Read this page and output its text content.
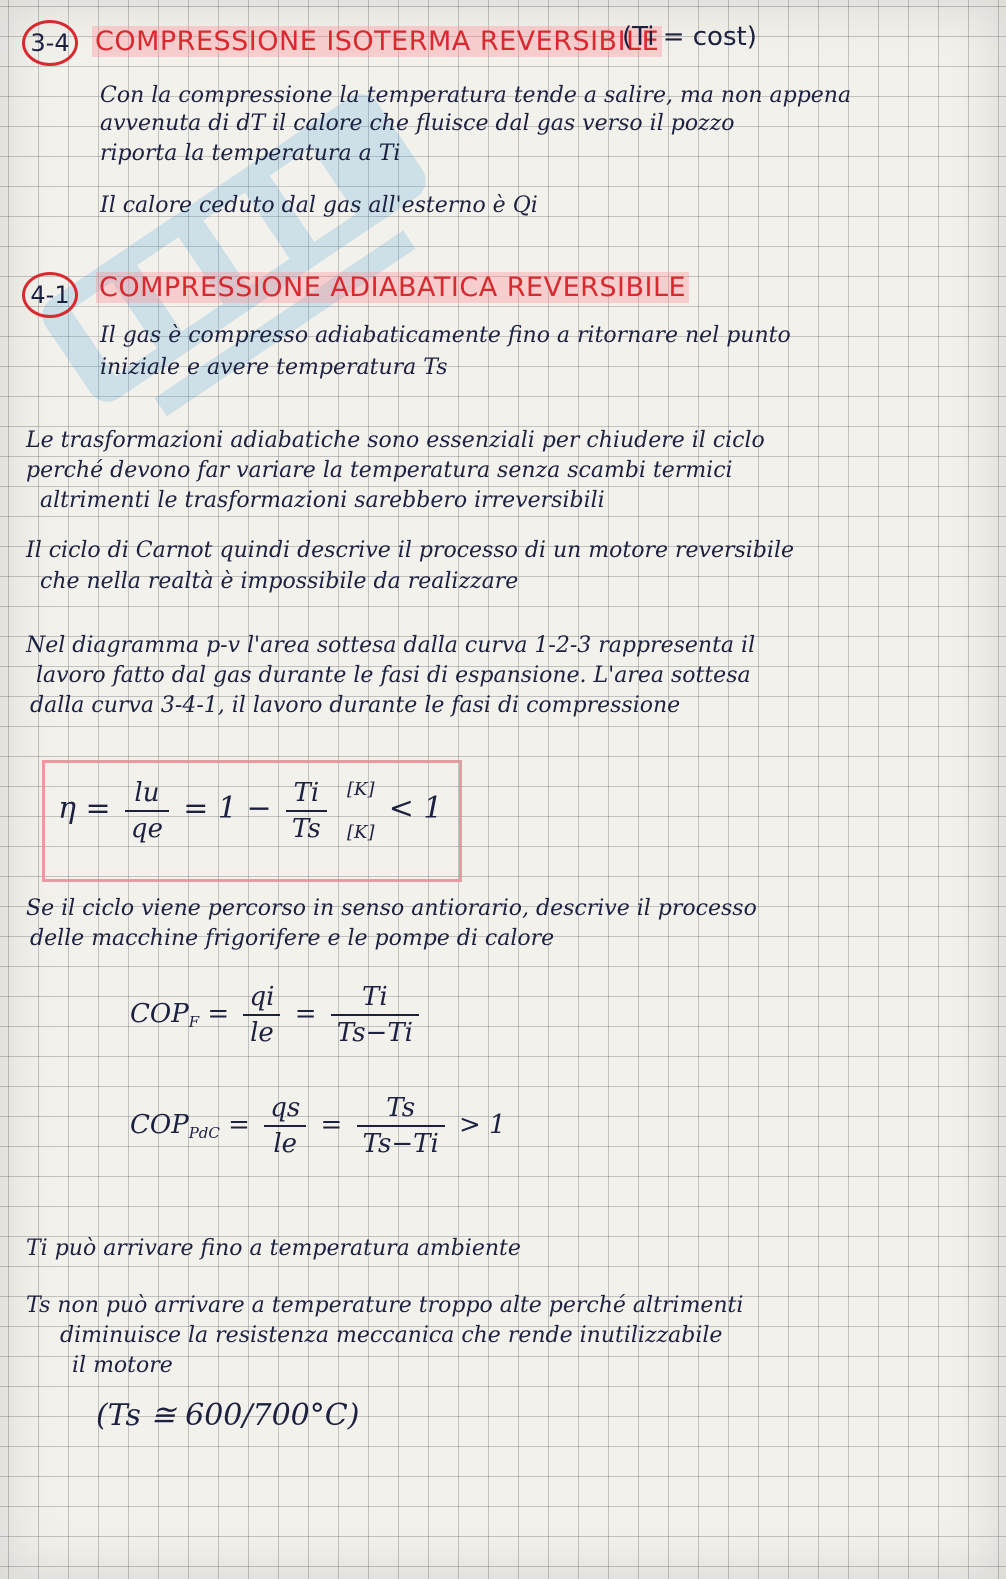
3-4 COMPRESSIONE ISOTERMA REVERSIBILE
(Ti = cost)
Con la compressione la temperatura tende a salire, ma non appena
avvenuta di dT il calore che fluisce dal gas verso il pozzo
riporta la temperatura a Ti
Il calore ceduto dal gas all'esterno è Qi
4-1	COMPRESSIONE ADIABATICA REVERSIBILE
Il gas è compresso adiabaticamente fino a ritornare nel punto
iniziale e avere temperatura Ts
Le trasformazioni adiabatiche sono essenziali per chiudere il ciclo
perché devono far variare la temperatura senza scambi termici
altrimenti le trasformazioni sarebbero irreversibili
Il ciclo di Carnot quindi descrive il processo di un motore reversibile
che nella realtà è impossibile da realizzare
Nel diagramma p-v l'area sottesa dalla curva 1-2-3 rappresenta il
lavoro fatto dal gas durante le fasi di espansione. L'area sottesa
dalla curva 3-4-1, il lavoro durante le fasi di compressione
$\eta = \frac{lu}{qe} = 1 - \frac{Ti}{Ts}$
[K]
[K]
< 1
Se il ciclo viene percorso in senso antiorario, descrive il processo
delle macchine frigorifere e le pompe di calore
$COP_F = \frac{qi}{le} = \frac{Ti}{Ts-Ti}$
$COP_{PdC} = \frac{qs}{le} = \frac{Ts}{Ts-Ti} > 1$
Ti può arrivare fino a temperatura ambiente
Ts non può arrivare a temperature troppo alte perché altrimenti
diminuisce la resistenza meccanica che rende inutilizzabile
il motore
(Ts ≅ 600/700°C)
